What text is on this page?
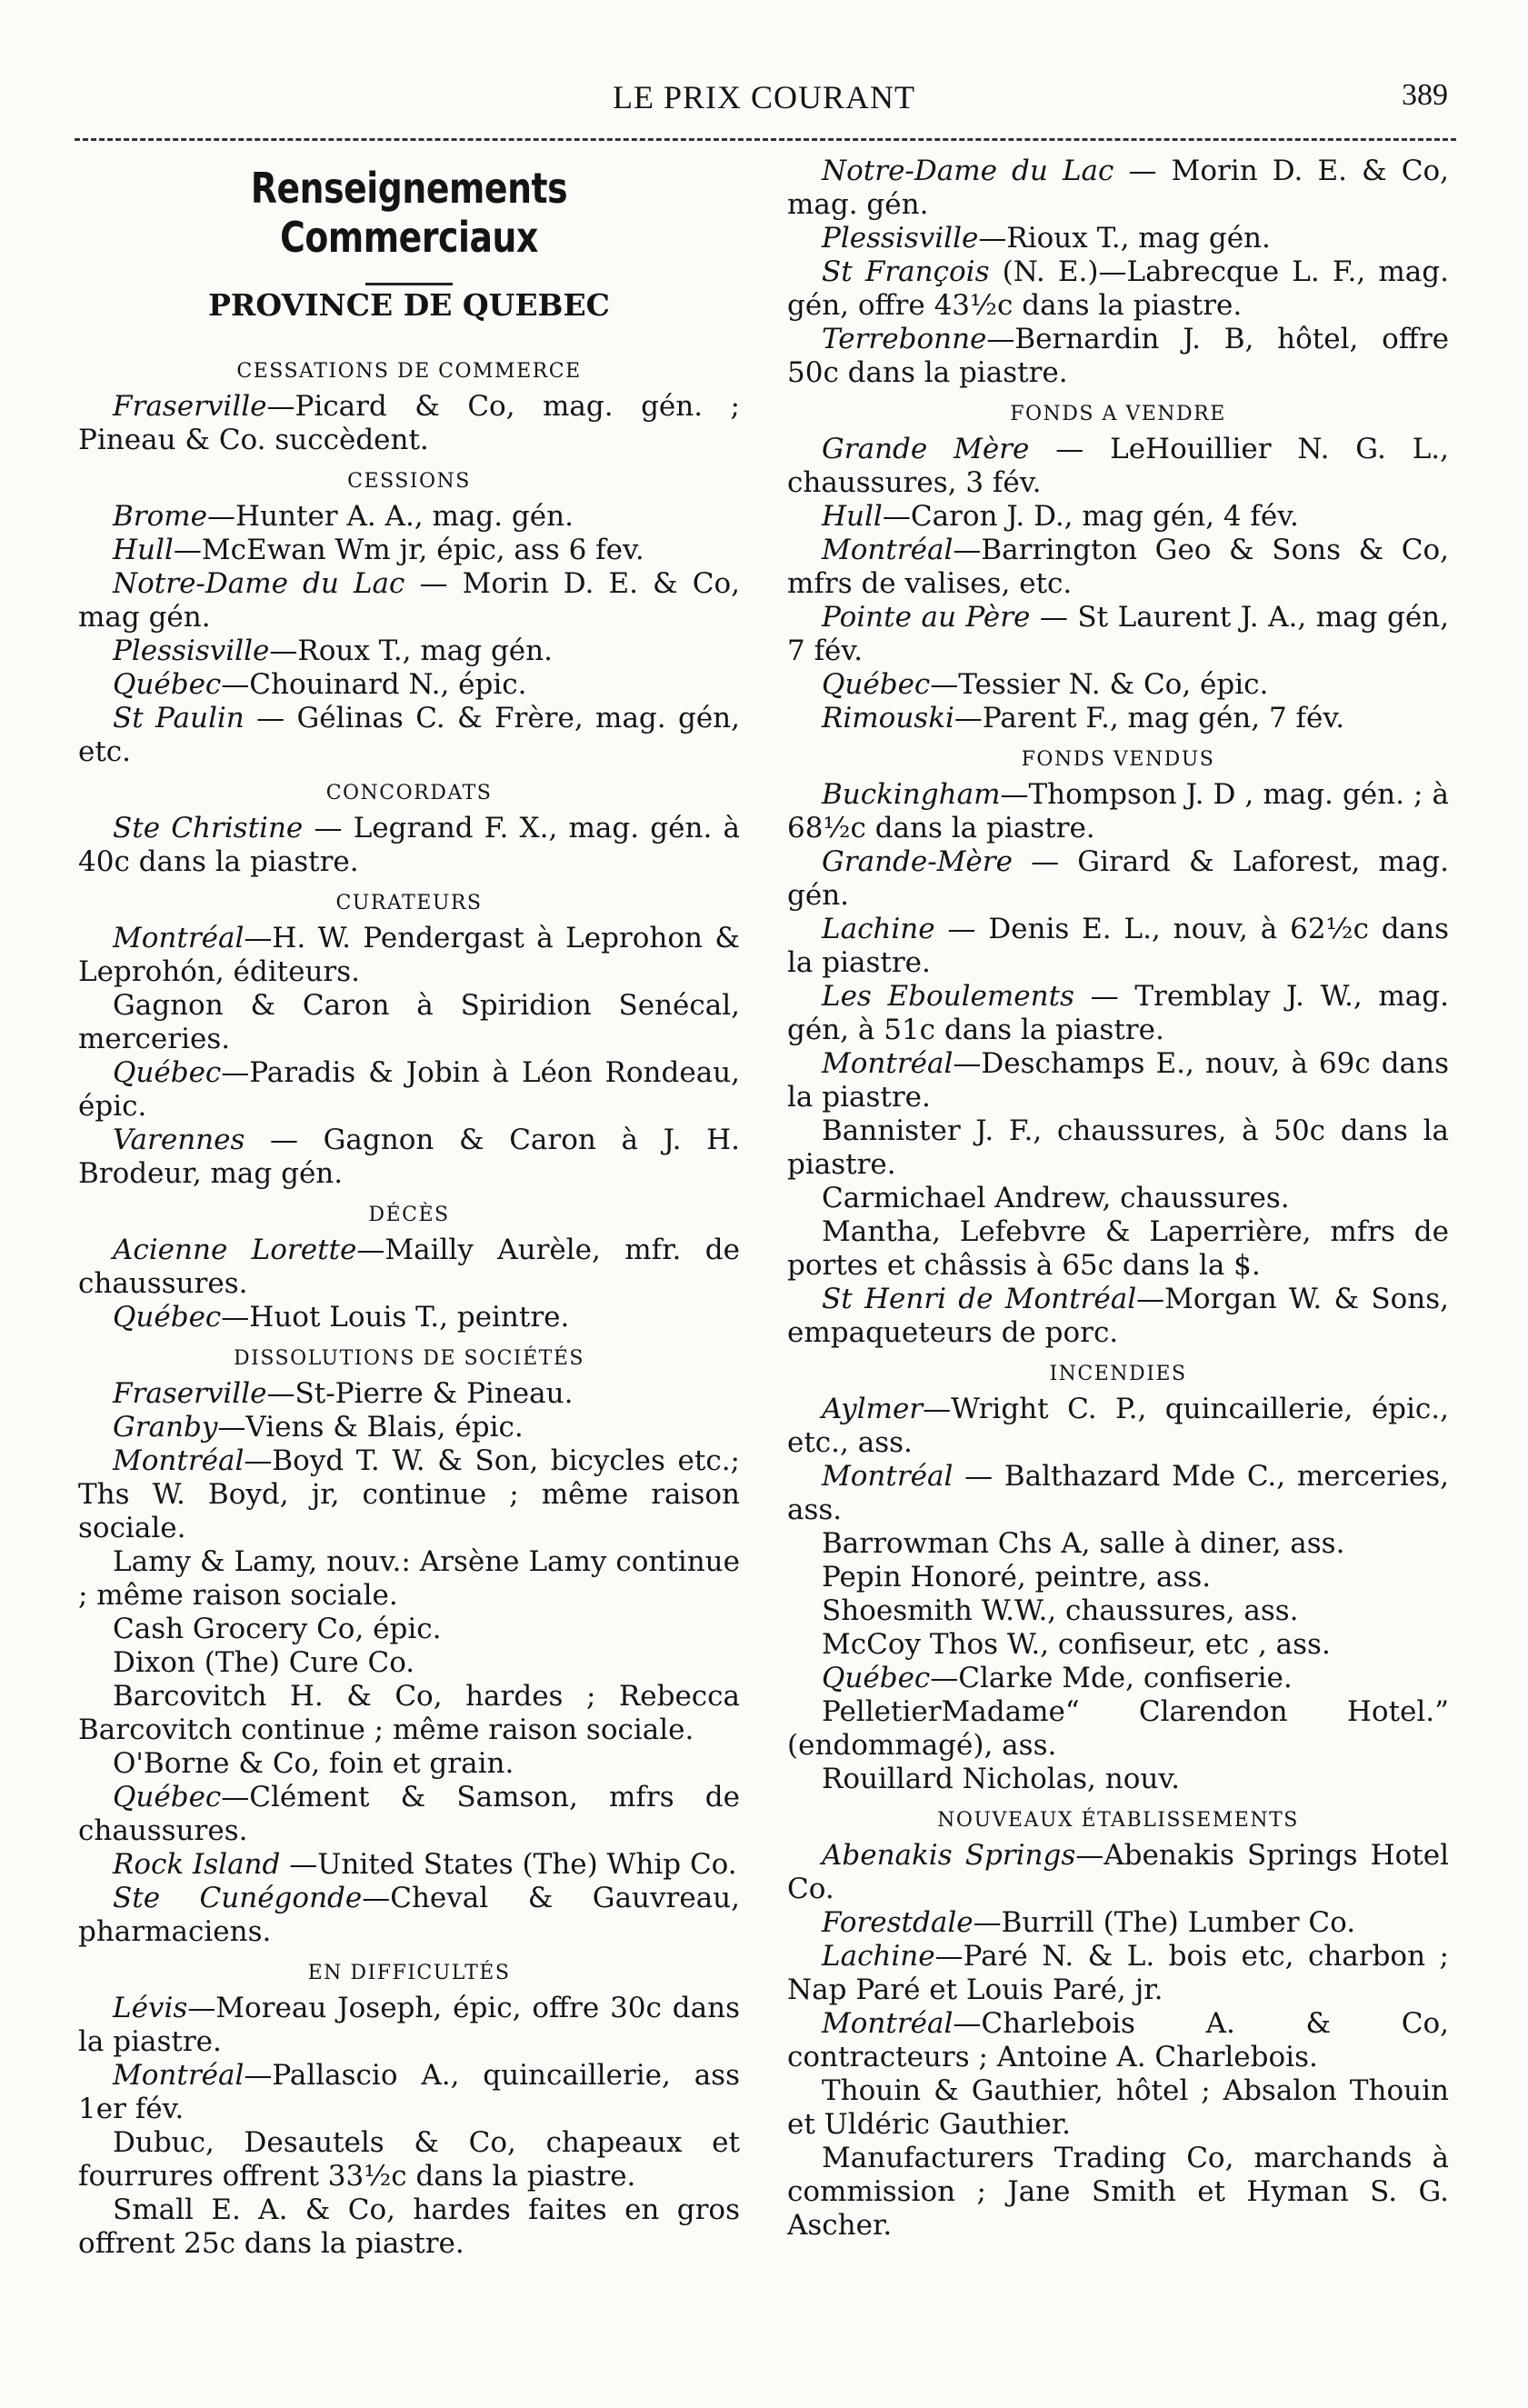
LE PRIX COURANT	389
Renseignements Commerciaux
PROVINCE DE QUEBEC
CESSATIONS DE COMMERCE

Fraserville—Picard & Co, mag. gén. ; Pineau & Co. succèdent.

CESSIONS

Brome—Hunter A. A., mag. gén.

Hull—McEwan Wm jr, épic, ass 6 fev.

Notre-Dame du Lac — Morin D. E. & Co, mag gén.

Plessisville—Roux T., mag gén.

Québec—Chouinard N., épic.

St Paulin — Gélinas C. & Frère, mag. gén, etc.

CONCORDATS

Ste Christine — Legrand F. X., mag. gén. à 40c dans la piastre.

CURATEURS

Montréal—H. W. Pendergast à Leprohon & Leprohón, éditeurs.

Gagnon & Caron à Spiridion Senécal, merceries.

Québec—Paradis & Jobin à Léon Rondeau, épic.

Varennes — Gagnon & Caron à J. H. Brodeur, mag gén.

DÉCÈS

Acienne Lorette—Mailly Aurèle, mfr. de chaussures.

Québec—Huot Louis T., peintre.

DISSOLUTIONS DE SOCIÉTÉS

Fraserville—St-Pierre & Pineau.

Granby—Viens & Blais, épic.

Montréal—Boyd T. W. & Son, bicycles etc.; Ths W. Boyd, jr, continue ; même raison sociale.

Lamy & Lamy, nouv.: Arsène Lamy continue ; même raison sociale.

Cash Grocery Co, épic.

Dixon (The) Cure Co.

Barcovitch H. & Co, hardes ; Rebecca Barcovitch continue ; même raison sociale.

O'Borne & Co, foin et grain.

Québec—Clément & Samson, mfrs de chaussures.

Rock Island —United States (The) Whip Co.

Ste Cunégonde—Cheval & Gauvreau, pharmaciens.

EN DIFFICULTÉS

Lévis—Moreau Joseph, épic, offre 30c dans la piastre.

Montréal—Pallascio A., quincaillerie, ass 1er fév.

Dubuc, Desautels & Co, chapeaux et fourrures offrent 33½c dans la piastre.

Small E. A. & Co, hardes faites en gros offrent 25c dans la piastre.

Notre-Dame du Lac — Morin D. E. & Co, mag. gén.

Plessisville—Rioux T., mag gén.

St François (N. E.)—Labrecque L. F., mag. gén, offre 43½c dans la piastre.

Terrebonne—Bernardin J. B, hôtel, offre 50c dans la piastre.

FONDS A VENDRE

Grande Mère — LeHouillier N. G. L., chaussures, 3 fév.

Hull—Caron J. D., mag gén, 4 fév.

Montréal—Barrington Geo & Sons & Co, mfrs de valises, etc.

Pointe au Père — St Laurent J. A., mag gén, 7 fév.

Québec—Tessier N. & Co, épic.

Rimouski—Parent F., mag gén, 7 fév.

FONDS VENDUS

Buckingham—Thompson J. D , mag. gén. ; à 68½c dans la piastre.

Grande-Mère — Girard & Laforest, mag. gén.

Lachine — Denis E. L., nouv, à 62½c dans la piastre.

Les Eboulements — Tremblay J. W., mag. gén, à 51c dans la piastre.

Montréal—Deschamps E., nouv, à 69c dans la piastre.

Bannister J. F., chaussures, à 50c dans la piastre.

Carmichael Andrew, chaussures.

Mantha, Lefebvre & Laperrière, mfrs de portes et châssis à 65c dans la $.

St Henri de Montréal—Morgan W. & Sons, empaqueteurs de porc.

INCENDIES

Aylmer—Wright C. P., quincaillerie, épic., etc., ass.

Montréal — Balthazard Mde C., merceries, ass.

Barrowman Chs A, salle à diner, ass.

Pepin Honoré, peintre, ass.

Shoesmith W.W., chaussures, ass.

McCoy Thos W., confiseur, etc , ass.

Québec—Clarke Mde, confiserie.

PelletierMadame“ Clarendon Hotel.” (endommagé), ass.

Rouillard Nicholas, nouv.

NOUVEAUX ÉTABLISSEMENTS

Abenakis Springs—Abenakis Springs Hotel Co.

Forestdale—Burrill (The) Lumber Co.

Lachine—Paré N. & L. bois etc, charbon ; Nap Paré et Louis Paré, jr.

Montréal—Charlebois A. & Co, contracteurs ; Antoine A. Charlebois.

Thouin & Gauthier, hôtel ; Absalon Thouin et Uldéric Gauthier.

Manufacturers Trading Co, marchands à commission ; Jane Smith et Hyman S. G. Ascher.
